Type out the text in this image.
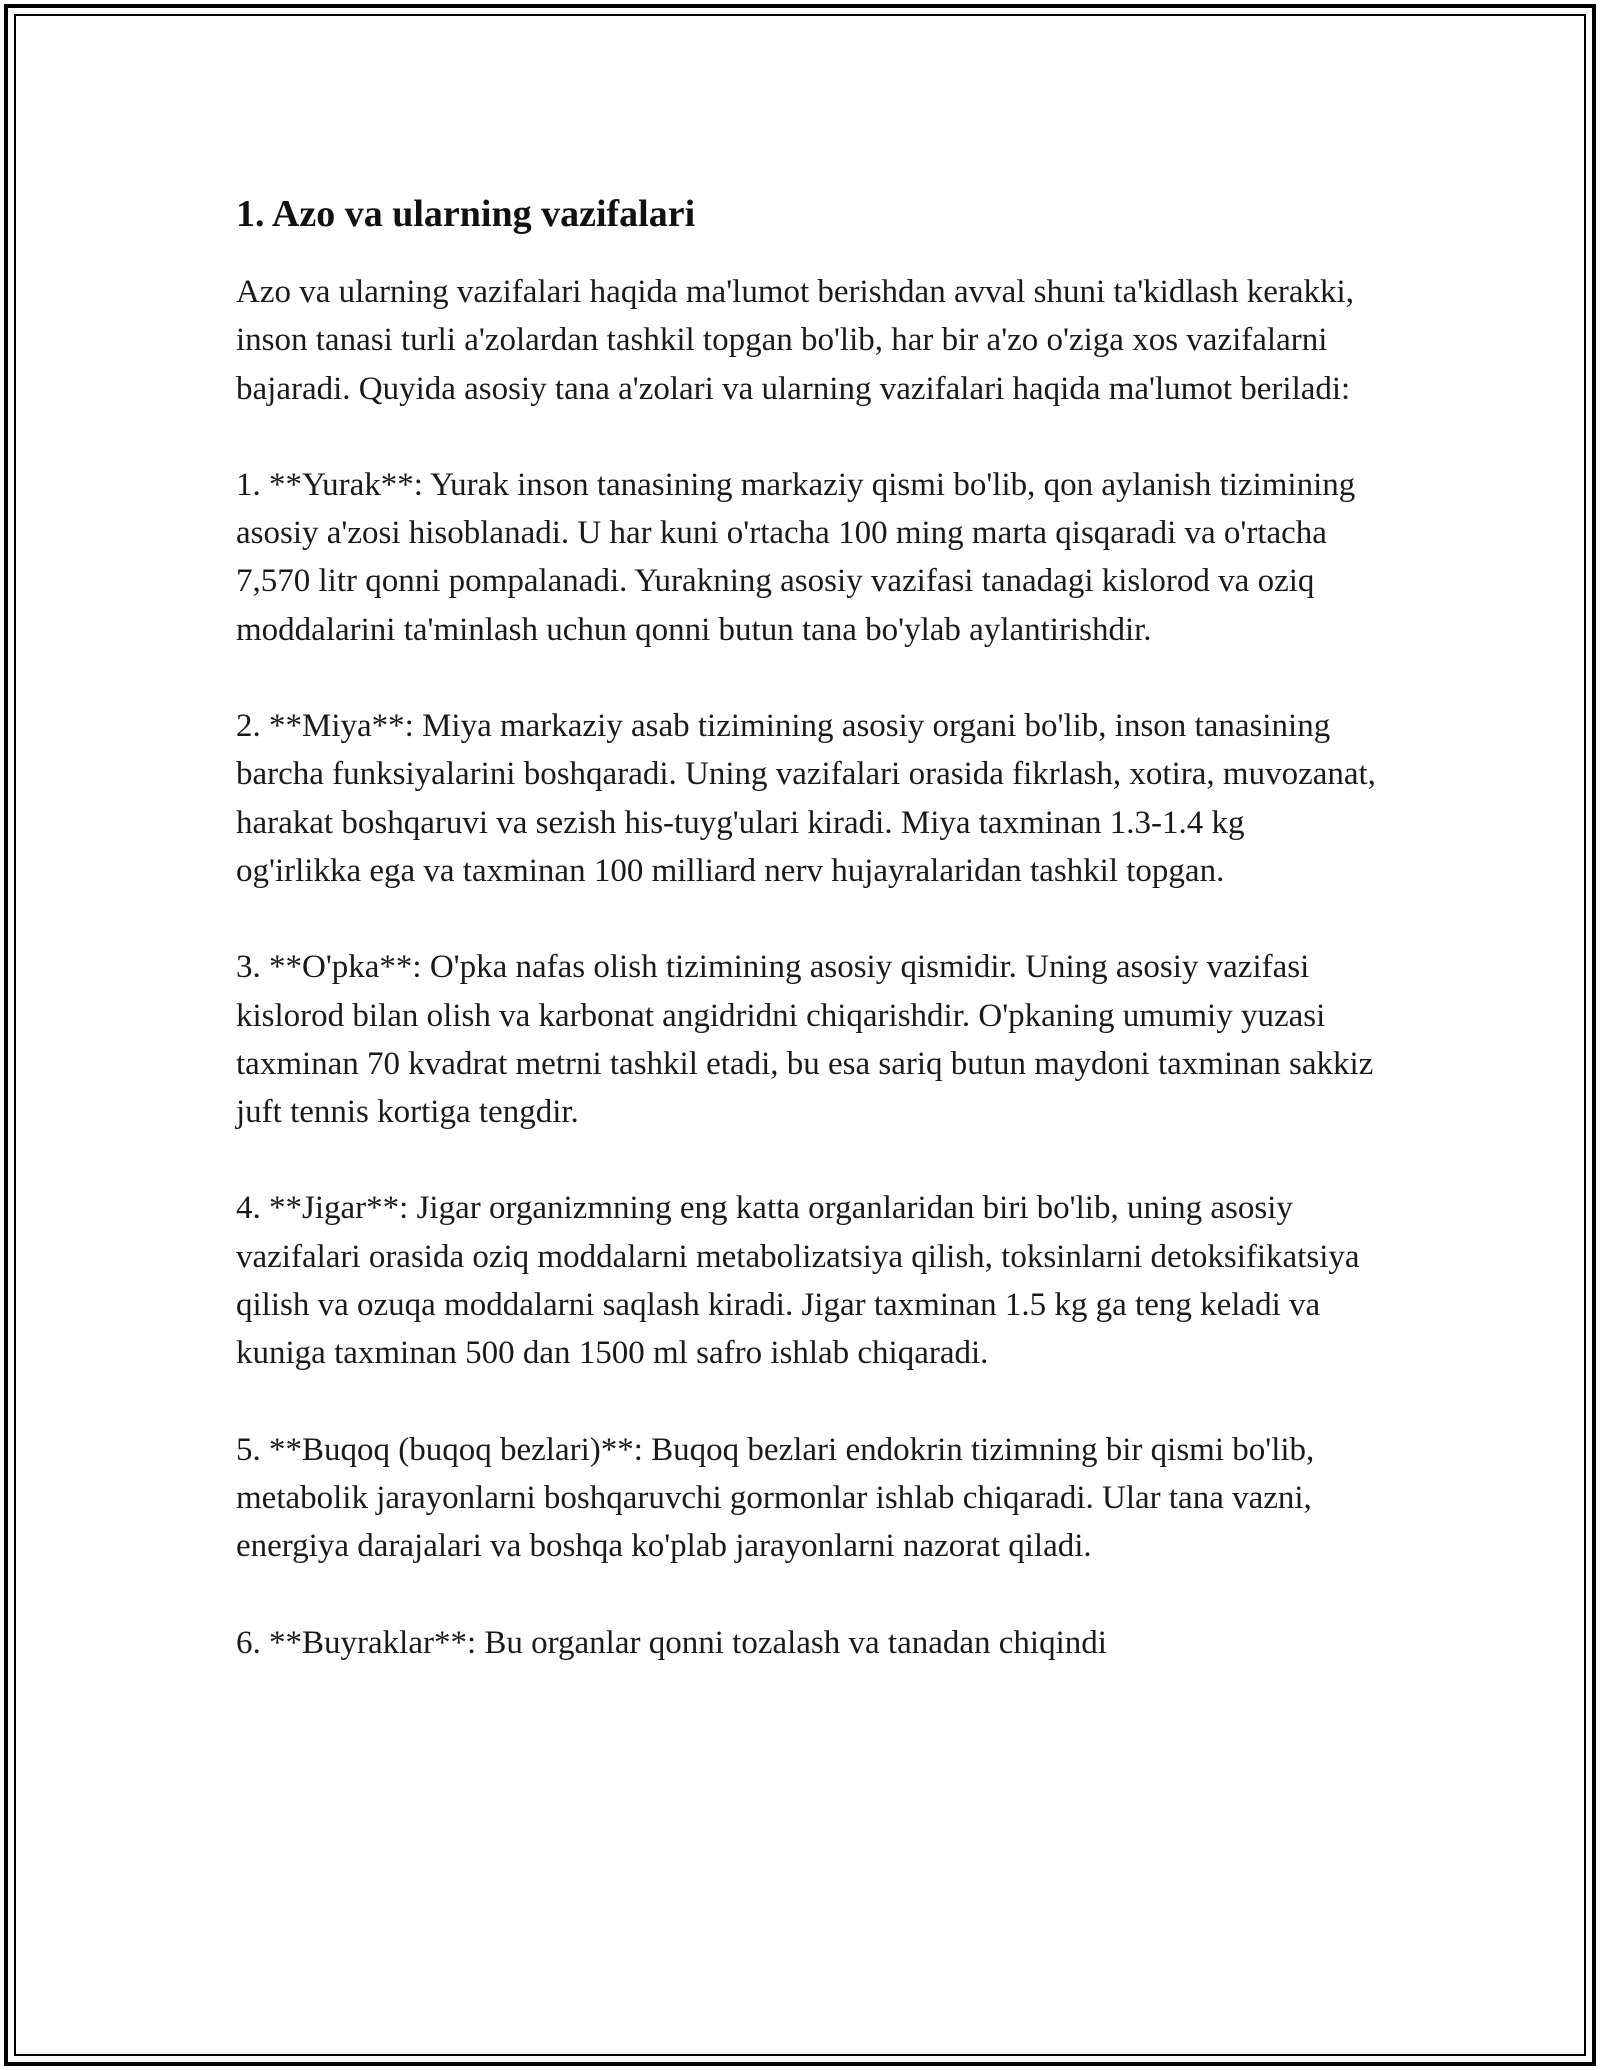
1. Azo va ularning vazifalari

Azo va ularning vazifalari haqida ma'lumot berishdan avval shuni ta'kidlash kerakki, inson tanasi turli a'zolardan tashkil topgan bo'lib, har bir a'zo o'ziga xos vazifalarni bajaradi. Quyida asosiy tana a'zolari va ularning vazifalari haqida ma'lumot beriladi:

1. **Yurak**: Yurak inson tanasining markaziy qismi bo'lib, qon aylanish tizimining asosiy a'zosi hisoblanadi. U har kuni o'rtacha 100 ming marta qisqaradi va o'rtacha 7,570 litr qonni pompalanadi. Yurakning asosiy vazifasi tanadagi kislorod va oziq moddalarini ta'minlash uchun qonni butun tana bo'ylab aylantirishdir.

2. **Miya**: Miya markaziy asab tizimining asosiy organi bo'lib, inson tanasining barcha funksiyalarini boshqaradi. Uning vazifalari orasida fikrlash, xotira, muvozanat, harakat boshqaruvi va sezish his-tuyg'ulari kiradi. Miya taxminan 1.3-1.4 kg og'irlikka ega va taxminan 100 milliard nerv hujayralaridan tashkil topgan.

3. **O'pka**: O'pka nafas olish tizimining asosiy qismidir. Uning asosiy vazifasi kislorod bilan olish va karbonat angidridni chiqarishdir. O'pkaning umumiy yuzasi taxminan 70 kvadrat metrni tashkil etadi, bu esa sariq butun maydoni taxminan sakkiz juft tennis kortiga tengdir.

4. **Jigar**: Jigar organizmning eng katta organlaridan biri bo'lib, uning asosiy vazifalari orasida oziq moddalarni metabolizatsiya qilish, toksinlarni detoksifikatsiya qilish va ozuqa moddalarni saqlash kiradi. Jigar taxminan 1.5 kg ga teng keladi va kuniga taxminan 500 dan 1500 ml safro ishlab chiqaradi.

5. **Buqoq (buqoq bezlari)**: Buqoq bezlari endokrin tizimning bir qismi bo'lib, metabolik jarayonlarni boshqaruvchi gormonlar ishlab chiqaradi. Ular tana vazni, energiya darajalari va boshqa ko'plab jarayonlarni nazorat qiladi.

6. **Buyraklar**: Bu organlar qonni tozalash va tanadan chiqindi
